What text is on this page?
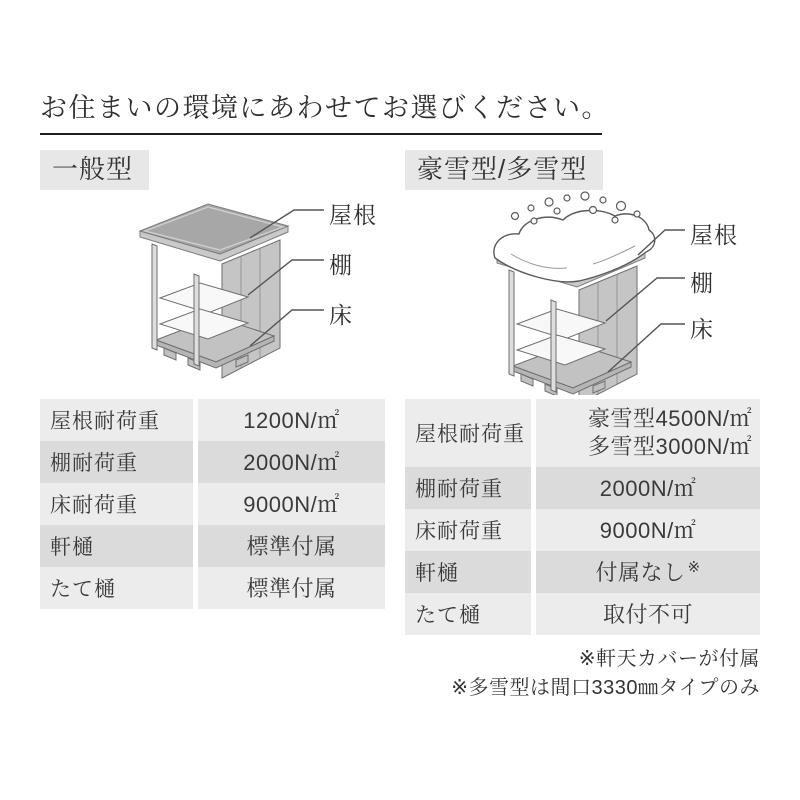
お住まいの環境にあわせてお選びください。
一般型
屋根
棚
床
屋根耐荷重	1200N/㎡
棚耐荷重	2000N/㎡
床耐荷重	9000N/㎡
軒樋	標準付属
たて樋	標準付属
豪雪型/多雪型
屋根
棚
床
屋根耐荷重
豪雪型4500N/㎡
多雪型3000N/㎡
棚耐荷重	2000N/㎡
床耐荷重	9000N/㎡
軒樋	付属なし ※
たて樋	取付不可
※軒天カバーが付属
※多雪型は間口3330㎜タイプのみ
